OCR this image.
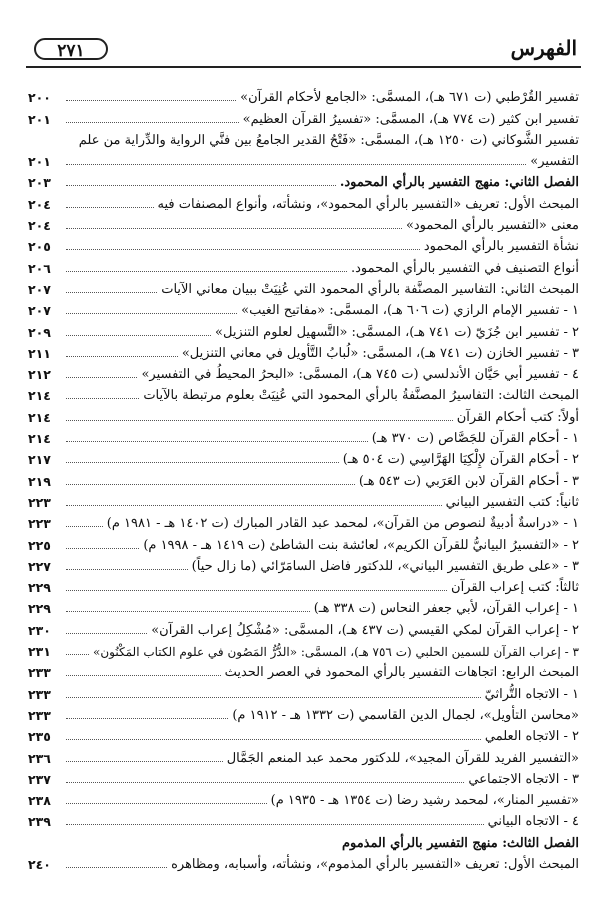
٢٧١	الفهرس
تفسير القُرْطبي (ت ٦٧١ هـ)، المسمَّى: «الجامع لأحكام القرآن»
٢٠٠
تفسير ابن كثير (ت ٧٧٤ هـ)، المسمَّى: «تفسيرُ القرآن العظيم»
٢٠١
تفسير الشَّوكاني (ت ١٢٥٠ هـ)، المسمَّى: «فَتْحُ القدير الجامعُ بين فنَّي الرواية والدِّراية من علم
التفسير»
٢٠١
الفصل الثاني: منهج التفسير بالرأي المحمود.
٢٠٣
المبحث الأول: تعريف «التفسير بالرأي المحمود»، ونشأته، وأنواع المصنفات فيه
٢٠٤
معنى «التفسير بالرأي المحمود»
٢٠٤
نشأة التفسير بالرأي المحمود
٢٠٥
أنواع التصنيف في التفسير بالرأي المحمود.
٢٠٦
المبحث الثاني: التفاسير المصنَّفة بالرأي المحمود التي عُنِيَتْ ببيان معاني الآيات
٢٠٧
١ - تفسير الإمام الرازي (ت ٦٠٦ هـ)، المسمَّى: «مفاتيح الغيب»
٢٠٧
٢ - تفسير ابن جُزَيّ (ت ٧٤١ هـ)، المسمَّى: «التَّسهيل لعلوم التنزيل»
٢٠٩
٣ - تفسير الخازن (ت ٧٤١ هـ)، المسمَّى: «لُبابُ التَّأويل في معاني التنزيل»
٢١١
٤ - تفسير أبي حَيَّان الأندلسي (ت ٧٤٥ هـ)، المسمَّى: «البحرُ المحيطُ في التفسير»
٢١٢
المبحث الثالث: التفاسيرُ المصنَّفةُ بالرأي المحمود التي عُنِيَتْ بعلوم مرتبطة بالآيات
٢١٤
أولاً: كتب أحكام القرآن
٢١٤
١ - أحكام القرآن للجَصَّاص (ت ٣٧٠ هـ)
٢١٤
٢ - أحكام القرآن لإِلْكِيَا الهَرَّاسِي (ت ٥٠٤ هـ)
٢١٧
٣ - أحكام القرآن لابن العَرَبي (ت ٥٤٣ هـ)
٢١٩
ثانياً: كتب التفسير البياني
٢٢٣
١ - «دراسةٌ أدبيةٌ لنصوص من القرآن»، لمحمد عبد القادر المبارك (ت ١٤٠٢ هـ - ١٩٨١ م)
٢٢٣
٢ - «التفسيرُ البيانيُّ للقرآن الكريم»، لعائشة بنت الشاطئ (ت ١٤١٩ هـ - ١٩٩٨ م)
٢٢٥
٣ - «على طريق التفسير البياني»، للدكتور فاضل السامَرّائي (ما زال حياً)
٢٢٧
ثالثاً: كتب إعراب القرآن
٢٢٩
١ - إعراب القرآن، لأبي جعفر النحاس (ت ٣٣٨ هـ)
٢٢٩
٢ - إعراب القرآن لمكي القيسي (ت ٤٣٧ هـ)، المسمَّى: «مُشْكِلُ إعراب القرآن»
٢٣٠
٣ - إعراب القرآن للسمين الحلبي (ت ٧٥٦ هـ)، المسمَّى: «الدُّرُّ المَصُون في علوم الكتاب المَكْنُون»
٢٣١
المبحث الرابع: اتجاهات التفسير بالرأي المحمود في العصر الحديث
٢٣٣
١ - الاتجاه التُّراثيّ
٢٣٣
«محاسن التأويل»، لجمال الدين القاسمي (ت ١٣٣٢ هـ - ١٩١٢ م)
٢٣٣
٢ - الاتجاه العلمي
٢٣٥
«التفسير الفريد للقرآن المجيد»، للدكتور محمد عبد المنعم الجَمَّال
٢٣٦
٣ - الاتجاه الاجتماعي
٢٣٧
«تفسير المنار»، لمحمد رشيد رضا (ت ١٣٥٤ هـ - ١٩٣٥ م)
٢٣٨
٤ - الاتجاه البياني
٢٣٩
الفصل الثالث: منهج التفسير بالرأي المذموم
المبحث الأول: تعريف «التفسير بالرأي المذموم»، ونشأته، وأسبابه، ومظاهره
٢٤٠
